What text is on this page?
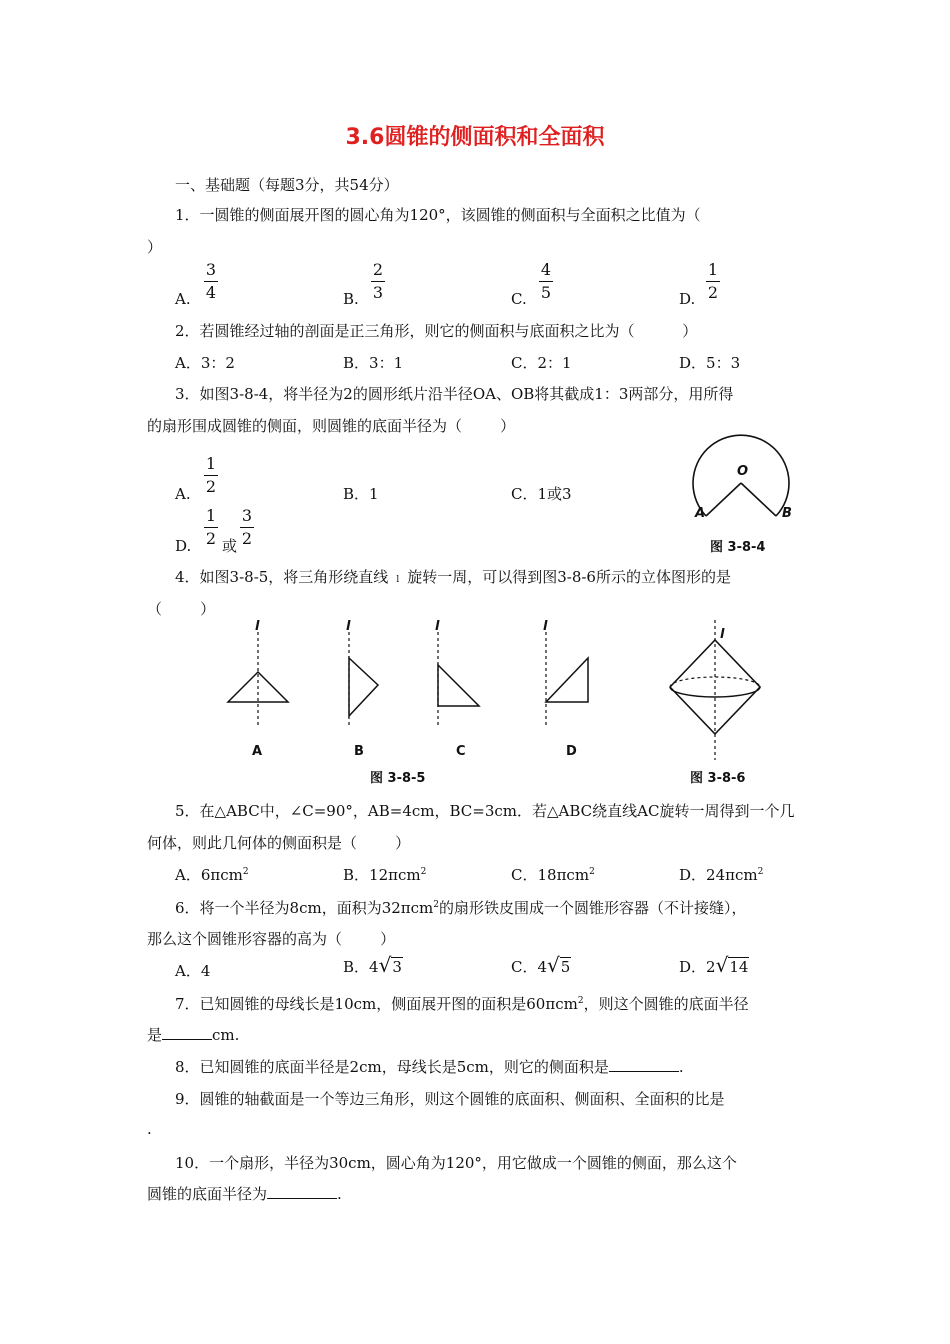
3.6圆锥的侧面积和全面积
一、基础题（每题3分，共54分）
1．一圆锥的侧面展开图的圆心角为120°，该圆锥的侧面积与全面积之比值为（
）
A.
3
4	B.
2
3	C.
4
5	D.
1
2
2．若圆锥经过轴的剖面是正三角形，则它的侧面积与底面积之比为（          ）
A．3：2	B．3：1	C．2：1	D．5：3
3．如图3-8-4，将半径为2的圆形纸片沿半径OA、OB将其截成1：3两部分，用所得
的扇形围成圆锥的侧面，则圆锥的底面半径为（        ）
A.
1
2	B．1	C．1或3
D.
1
2 或
3
2
O
A	B
图 3-8-4
4．如图3-8-5，将三角形绕直线 l 旋转一周，可以得到图3-8-6所示的立体图形的是
（        ）
l	l	l	l
l
A	B	C	D
图 3-8-5	图 3-8-6
5．在△ABC中，∠C=90°，AB=4cm，BC=3cm．若△ABC绕直线AC旋转一周得到一个几
何体，则此几何体的侧面积是（        ）
A．6πcm$^2$	B．12πcm$^2$	C．18πcm$^2$	D．24πcm$^2$
6．将一个半径为8cm，面积为32πcm$^2$的扇形铁皮围成一个圆锥形容器（不计接缝），
那么这个圆锥形容器的高为（        ）
A．4	B．4√3	C．4√5	D．2√14
7．已知圆锥的母线长是10cm，侧面展开图的面积是60πcm$^2$，则这个圆锥的底面半径
是	cm.
8．已知圆锥的底面半径是2cm，母线长是5cm，则它的侧面积是	.
9．圆锥的轴截面是一个等边三角形，则这个圆锥的底面积、侧面积、全面积的比是
.
10．一个扇形，半径为30cm，圆心角为120°，用它做成一个圆锥的侧面，那么这个
圆锥的底面半径为	.
